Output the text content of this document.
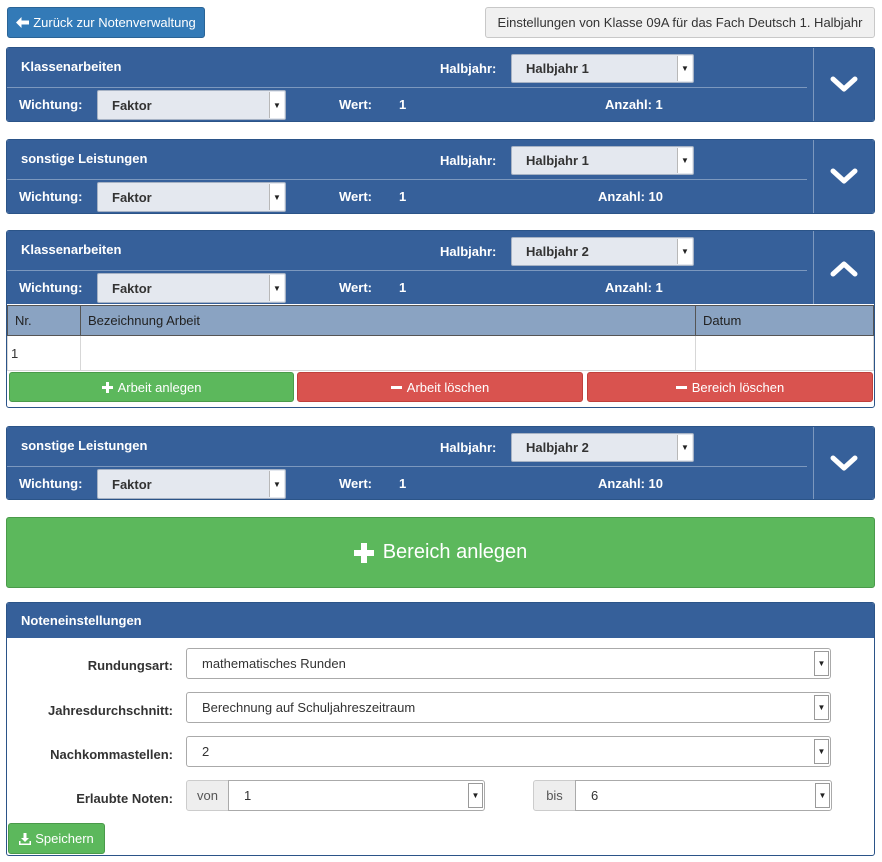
Zurück zur Notenverwaltung	Einstellungen von Klasse 09A für das Fach Deutsch 1. Halbjahr
Klassenarbeiten	Halbjahr: Halbjahr 1	▼
Wichtung: Faktor	▼	Wert: 1	Anzahl: 1
sonstige Leistungen	Halbjahr: Halbjahr 1	▼
Wichtung: Faktor	▼	Wert: 1	Anzahl: 10
Klassenarbeiten	Halbjahr: Halbjahr 2	▼
Wichtung: Faktor	▼	Wert: 1	Anzahl: 1
Nr.	Bezeichnung Arbeit	Datum
1		
Arbeit anlegen	Arbeit löschen	Bereich löschen
sonstige Leistungen	Halbjahr: Halbjahr 2	▼
Wichtung: Faktor	▼	Wert: 1	Anzahl: 10
Bereich anlegen
Noteneinstellungen
Rundungsart: mathematisches Runden	▼
Jahresdurchschnitt: Berechnung auf Schuljahreszeitraum	▼
Nachkommastellen: 2	▼
Erlaubte Noten: von 1	▼	bis 6	▼
Speichern
